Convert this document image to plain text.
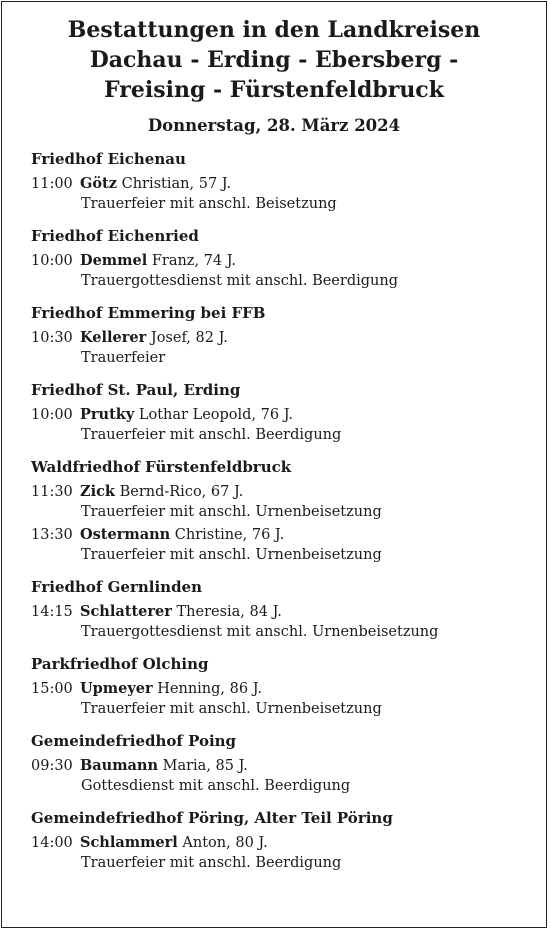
Bestattungen in den Landkreisen
Dachau - Erding - Ebersberg -
Freising - Fürstenfeldbruck
Donnerstag, 28. März 2024
Friedhof Eichenau
11:00 Götz Christian, 57 J.
Trauerfeier mit anschl. Beisetzung
Friedhof Eichenried
10:00 Demmel Franz, 74 J.
Trauergottesdienst mit anschl. Beerdigung
Friedhof Emmering bei FFB
10:30 Kellerer Josef, 82 J.
Trauerfeier
Friedhof St. Paul, Erding
10:00 Prutky Lothar Leopold, 76 J.
Trauerfeier mit anschl. Beerdigung
Waldfriedhof Fürstenfeldbruck
11:30 Zick Bernd-Rico, 67 J.
Trauerfeier mit anschl. Urnenbeisetzung
13:30 Ostermann Christine, 76 J.
Trauerfeier mit anschl. Urnenbeisetzung
Friedhof Gernlinden
14:15 Schlatterer Theresia, 84 J.
Trauergottesdienst mit anschl. Urnenbeisetzung
Parkfriedhof Olching
15:00 Upmeyer Henning, 86 J.
Trauerfeier mit anschl. Urnenbeisetzung
Gemeindefriedhof Poing
09:30 Baumann Maria, 85 J.
Gottesdienst mit anschl. Beerdigung
Gemeindefriedhof Pöring, Alter Teil Pöring
14:00 Schlammerl Anton, 80 J.
Trauerfeier mit anschl. Beerdigung
